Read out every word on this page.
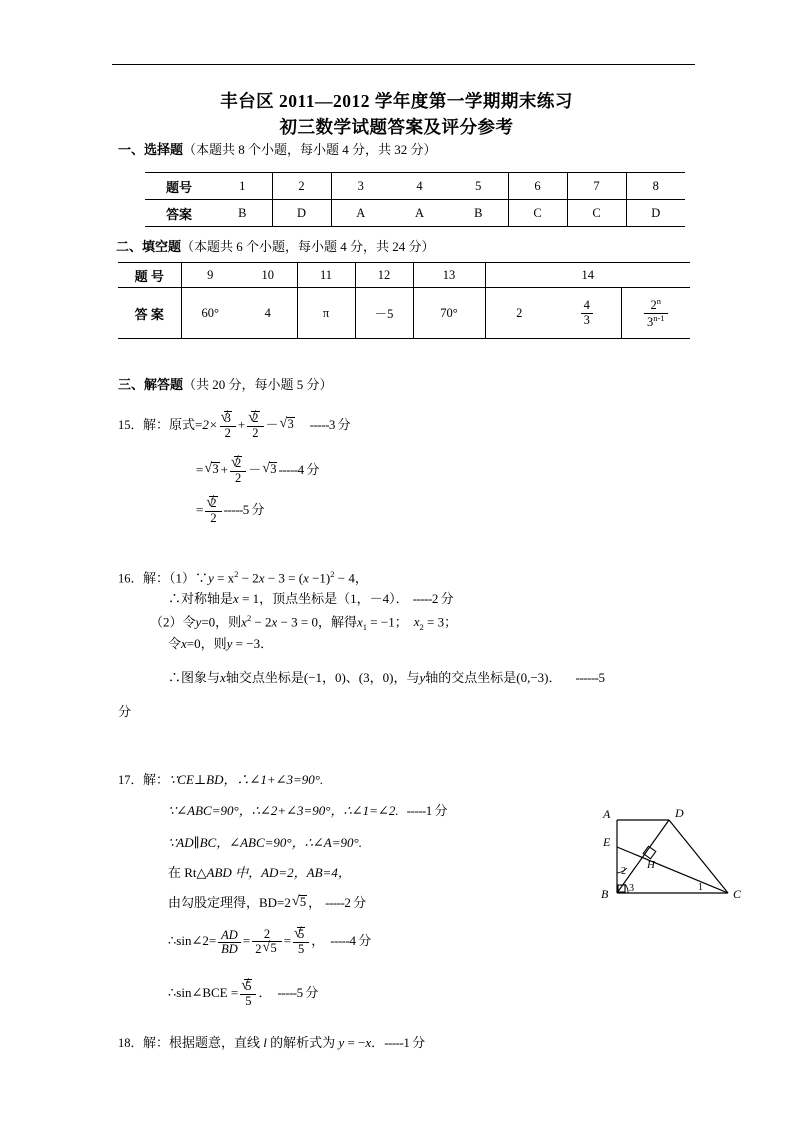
丰台区 2011—2012 学年度第一学期期末练习
初三数学试题答案及评分参考
一、选择题（本题共 8 个小题，每小题 4 分，共 32 分）
题号	1	2	3	4	5	6	7	8
答案	B	D	A	A	B	C	C	D
二、填空题（本题共 6 个小题，每小题 4 分，共 24 分）
题 号	9	10	11	12	13	14		
答 案	60°	4	π	－5	70°	2	$\frac{4}{3}$	$\frac{2^n}{3^{n-1}}$
三、解答题（共 20 分，每小题 5 分）
15．解：原式=2× √ $\frac{3}{2}$ + √ $\frac{2}{2}$ － √ 3 -----3 分
= √ 3 + √ $\frac{2}{2}$ － √ 3 -----4 分
= √ $\frac{2}{2} -----5$ 分
16．解：（1）∵y = $x^2 - 2x - 3 = (x -1)^2 - 4$，
∴对称轴是x = 1，顶点坐标是（1，－4）． -----2 分
（2）令y=0，则$x^2 - 2x - 3 = 0$，解得$x_1 = -1$； $x_2 = 3$；
令x=0，则y = −3．
∴图象与x轴交点坐标是(−1，0)、(3，0)，与y轴的交点坐标是(0,−3)． ------5
分
17．解：∵CE⊥BD，∴∠1+∠3=90°.
∵∠ABC=90°，∴∠2+∠3=90°，∴∠1=∠2. -----1 分
∵AD∥BC，∠ABC=90°，∴∠A=90°.
在 Rt△ABD 中，AD=2，AB=4，
由勾股定理得，BD=2 √ 5 ， -----2 分
∴sin∠2= $\frac{AD}{BD} = \frac{2}{2 √ 5}$ = √ $\frac{5}{5}$ ， -----4 分
∴sin∠BCE = √ $\frac{5}{5}$ ． -----5 分
A	D
E
H
B	C
1
2
3
18．解：根据题意，直线 l 的解析式为 y = −x．-----1 分
